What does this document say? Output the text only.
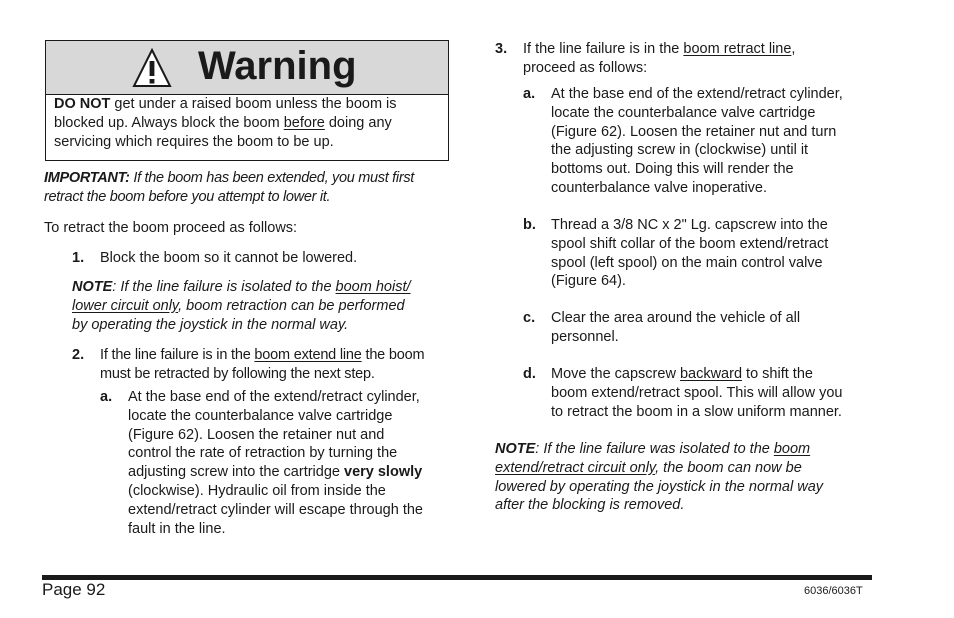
Warning
DO NOT get under a raised boom unless the boom is
blocked up. Always block the boom before doing any
servicing which requires the boom to be up.
IMPORTANT: If the boom has been extended, you must first
retract the boom before you attempt to lower it.
To retract the boom proceed as follows:
1. Block the boom so it cannot be lowered.
NOTE: If the line failure is isolated to the boom hoist/
lower circuit only, boom retraction can be performed
by operating the joystick in the normal way.
2. If the line failure is in the boom extend line the boom
must be retracted by following the next step.
a. At the base end of the extend/retract cylinder,
locate the counterbalance valve cartridge
(Figure 62). Loosen the retainer nut and
control the rate of retraction by turning the
adjusting screw into the cartridge very slowly
(clockwise). Hydraulic oil from inside the
extend/retract cylinder will escape through the
fault in the line.
3. If the line failure is in the boom retract line,
proceed as follows:
a. At the base end of the extend/retract cylinder,
locate the counterbalance valve cartridge
(Figure 62). Loosen the retainer nut and turn
the adjusting screw in (clockwise) until it
bottoms out. Doing this will render the
counterbalance valve inoperative.
b. Thread a 3/8 NC x 2" Lg. capscrew into the
spool shift collar of the boom extend/retract
spool (left spool) on the main control valve
(Figure 64).
c. Clear the area around the vehicle of all
personnel.
d. Move the capscrew backward to shift the
boom extend/retract spool. This will allow you
to retract the boom in a slow uniform manner.
NOTE: If the line failure was isolated to the boom
extend/retract circuit only, the boom can now be
lowered by operating the joystick in the normal way
after the blocking is removed.
Page 92	6036/6036T
